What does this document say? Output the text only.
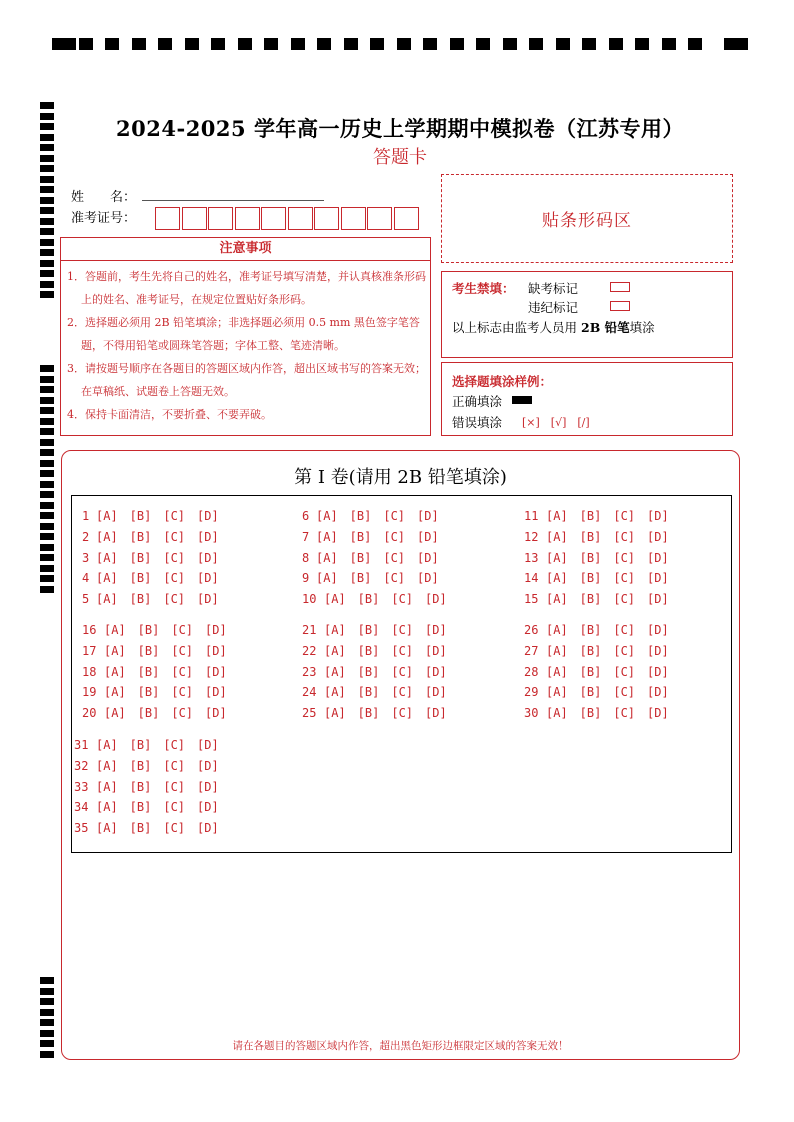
2024-2025 学年高一历史上学期期中模拟卷（江苏专用）
答题卡
姓　　名：
准考证号：	贴条形码区
注意事项
1．答题前，考生先将自己的姓名，准考证号填写清楚，并认真核准条形码上的姓名、准考证号，在规定位置贴好条形码。
2．选择题必须用 2B 铅笔填涂；非选择题必须用 0.5 mm 黑色签字笔答题，不得用铅笔或圆珠笔答题；字体工整、笔迹清晰。
3．请按题号顺序在各题目的答题区域内作答，超出区域书写的答案无效；在草稿纸、试题卷上答题无效。
4．保持卡面清洁，不要折叠、不要弄破。
考生禁填： 缺考标记
违纪标记
以上标志由监考人员用 2B 铅笔填涂
选择题填涂样例：
正确填涂
错误填涂 [×]　[√]　[/]
第 I 卷(请用 2B 铅笔填涂)
1 [A]　[B]　[C]　[D]
2 [A]　[B]　[C]　[D]
3 [A]　[B]　[C]　[D]
4 [A]　[B]　[C]　[D]
5 [A]　[B]　[C]　[D]
6 [A]　[B]　[C]　[D]
7 [A]　[B]　[C]　[D]
8 [A]　[B]　[C]　[D]
9 [A]　[B]　[C]　[D]
10 [A]　[B]　[C]　[D]
11 [A]　[B]　[C]　[D]
12 [A]　[B]　[C]　[D]
13 [A]　[B]　[C]　[D]
14 [A]　[B]　[C]　[D]
15 [A]　[B]　[C]　[D]
16 [A]　[B]　[C]　[D]
17 [A]　[B]　[C]　[D]
18 [A]　[B]　[C]　[D]
19 [A]　[B]　[C]　[D]
20 [A]　[B]　[C]　[D]
21 [A]　[B]　[C]　[D]
22 [A]　[B]　[C]　[D]
23 [A]　[B]　[C]　[D]
24 [A]　[B]　[C]　[D]
25 [A]　[B]　[C]　[D]
26 [A]　[B]　[C]　[D]
27 [A]　[B]　[C]　[D]
28 [A]　[B]　[C]　[D]
29 [A]　[B]　[C]　[D]
30 [A]　[B]　[C]　[D]
31 [A]　[B]　[C]　[D]
32 [A]　[B]　[C]　[D]
33 [A]　[B]　[C]　[D]
34 [A]　[B]　[C]　[D]
35 [A]　[B]　[C]　[D]
请在各题目的答题区域内作答，超出黑色矩形边框限定区域的答案无效！
